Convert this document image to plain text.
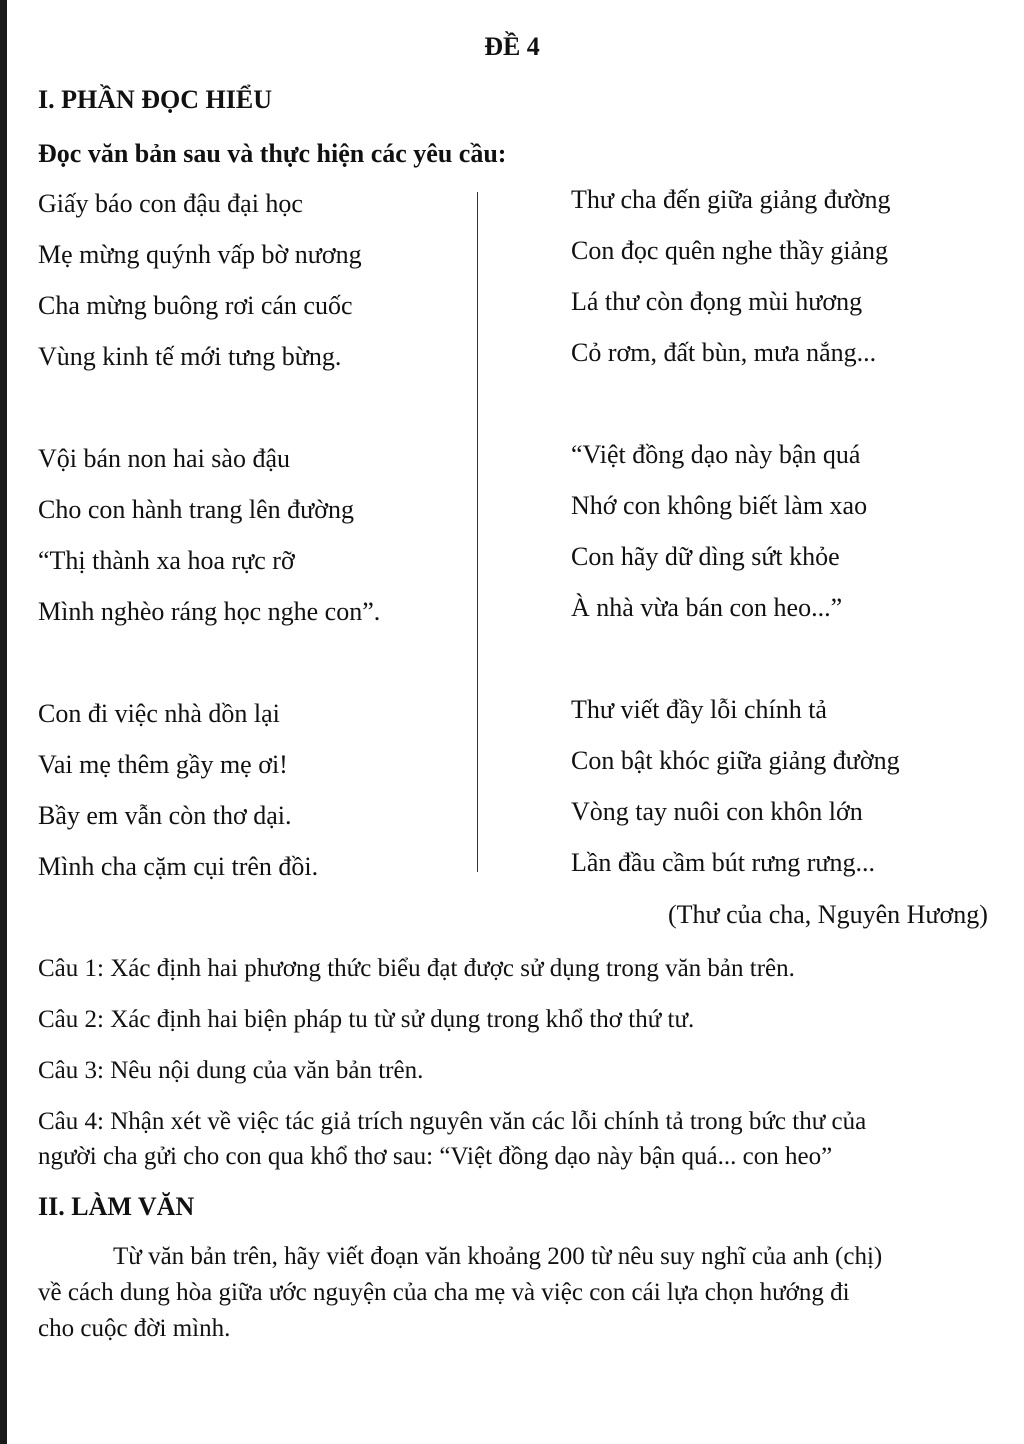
ĐỀ 4
I. PHẦN ĐỌC HIỂU
Đọc văn bản sau và thực hiện các yêu cầu:
Giấy báo con đậu đại học
Mẹ mừng quýnh vấp bờ nương
Cha mừng buông rơi cán cuốc
Vùng kinh tế mới tưng bừng.
Vội bán non hai sào đậu
Cho con hành trang lên đường
“Thị thành xa hoa rực rỡ
Mình nghèo ráng học nghe con”.
Con đi việc nhà dồn lại
Vai mẹ thêm gầy mẹ ơi!
Bầy em vẫn còn thơ dại.
Mình cha cặm cụi trên đồi.
Thư cha đến giữa giảng đường
Con đọc quên nghe thầy giảng
Lá thư còn đọng mùi hương
Cỏ rơm, đất bùn, mưa nắng...
“Việt đồng dạo này bận quá
Nhớ con không biết làm xao
Con hãy dữ dìng sứt khỏe
À nhà vừa bán con heo...”
Thư viết đầy lỗi chính tả
Con bật khóc giữa giảng đường
Vòng tay nuôi con khôn lớn
Lần đầu cầm bút rưng rưng...
(Thư của cha, Nguyên Hương)
Câu 1: Xác định hai phương thức biểu đạt được sử dụng trong văn bản trên.
Câu 2: Xác định hai biện pháp tu từ sử dụng trong khổ thơ thứ tư.
Câu 3: Nêu nội dung của văn bản trên.
Câu 4: Nhận xét về việc tác giả trích nguyên văn các lỗi chính tả trong bức thư của
người cha gửi cho con qua khổ thơ sau: “Việt đồng dạo này bận quá... con heo”
II. LÀM VĂN
Từ văn bản trên, hãy viết đoạn văn khoảng 200 từ nêu suy nghĩ của anh (chị)
về cách dung hòa giữa ước nguyện của cha mẹ và việc con cái lựa chọn hướng đi
cho cuộc đời mình.
